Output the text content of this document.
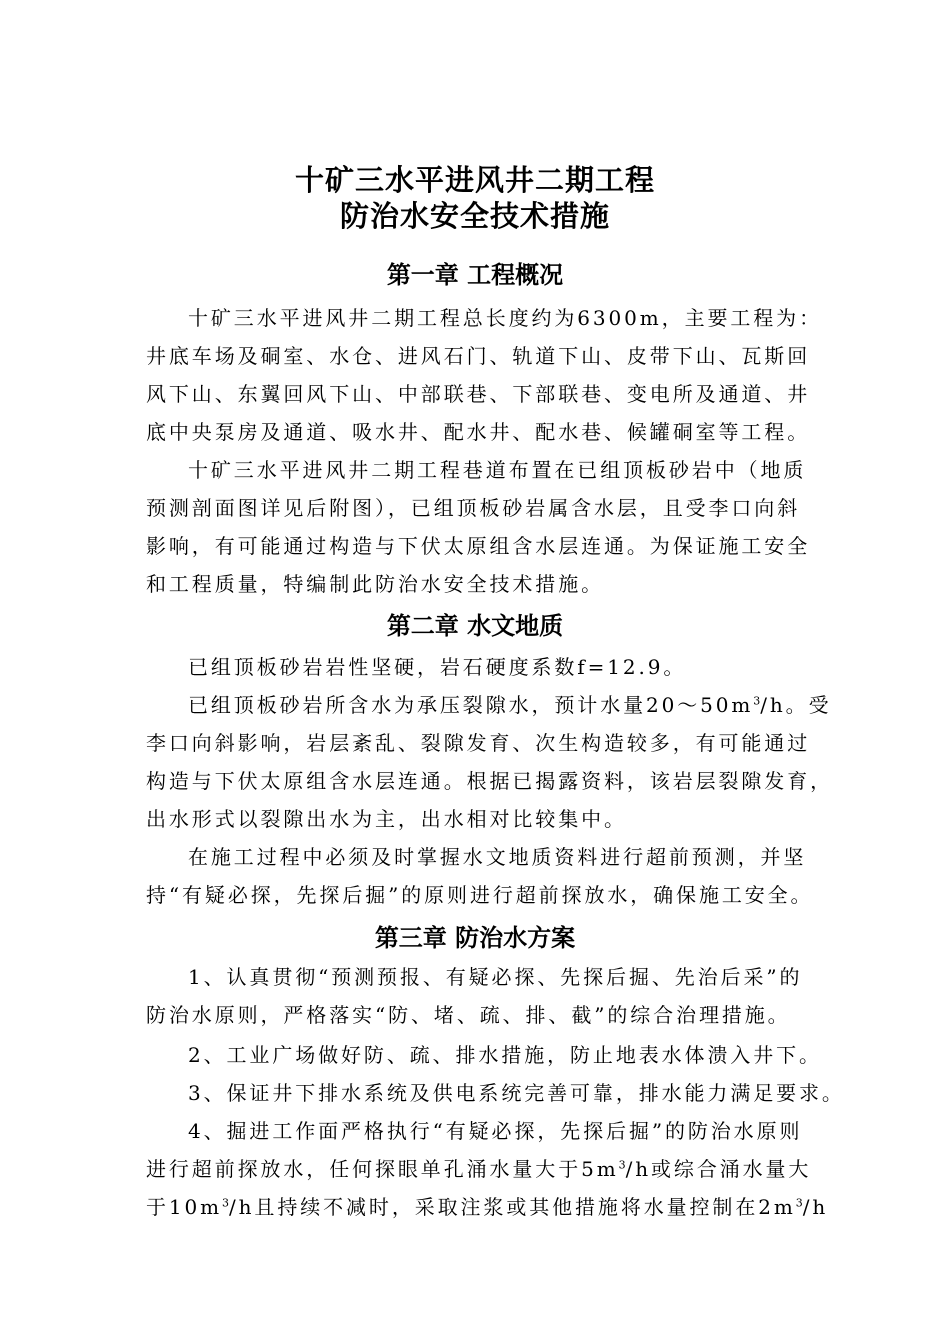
十矿三水平进风井二期工程
防治水安全技术措施
第一章 工程概况
十矿三水平进风井二期工程总长度约为6300m，主要工程为：
井底车场及硐室、水仓、进风石门、轨道下山、皮带下山、瓦斯回
风下山、东翼回风下山、中部联巷、下部联巷、变电所及通道、井
底中央泵房及通道、吸水井、配水井、配水巷、候罐硐室等工程。
十矿三水平进风井二期工程巷道布置在已组顶板砂岩中（地质
预测剖面图详见后附图），已组顶板砂岩属含水层，且受李口向斜
影响，有可能通过构造与下伏太原组含水层连通。为保证施工安全
和工程质量，特编制此防治水安全技术措施。
第二章 水文地质
已组顶板砂岩岩性坚硬，岩石硬度系数f=12.9。
已组顶板砂岩所含水为承压裂隙水，预计水量$20\sim 50m^3/h$。受
李口向斜影响，岩层紊乱、裂隙发育、次生构造较多，有可能通过
构造与下伏太原组含水层连通。根据已揭露资料，该岩层裂隙发育，
出水形式以裂隙出水为主，出水相对比较集中。
在施工过程中必须及时掌握水文地质资料进行超前预测，并坚
持“有疑必探，先探后掘”的原则进行超前探放水，确保施工安全。
第三章 防治水方案
1、认真贯彻“预测预报、有疑必探、先探后掘、先治后采”的
防治水原则，严格落实“防、堵、疏、排、截”的综合治理措施。
2、工业广场做好防、疏、排水措施，防止地表水体溃入井下。
3、保证井下排水系统及供电系统完善可靠，排水能力满足要求。
4、掘进工作面严格执行“有疑必探，先探后掘”的防治水原则
进行超前探放水，任何探眼单孔涌水量大于$5m^3/h$或综合涌水量大
于$10m^3/h$且持续不减时，采取注浆或其他措施将水量控制在$2m^3/h$
